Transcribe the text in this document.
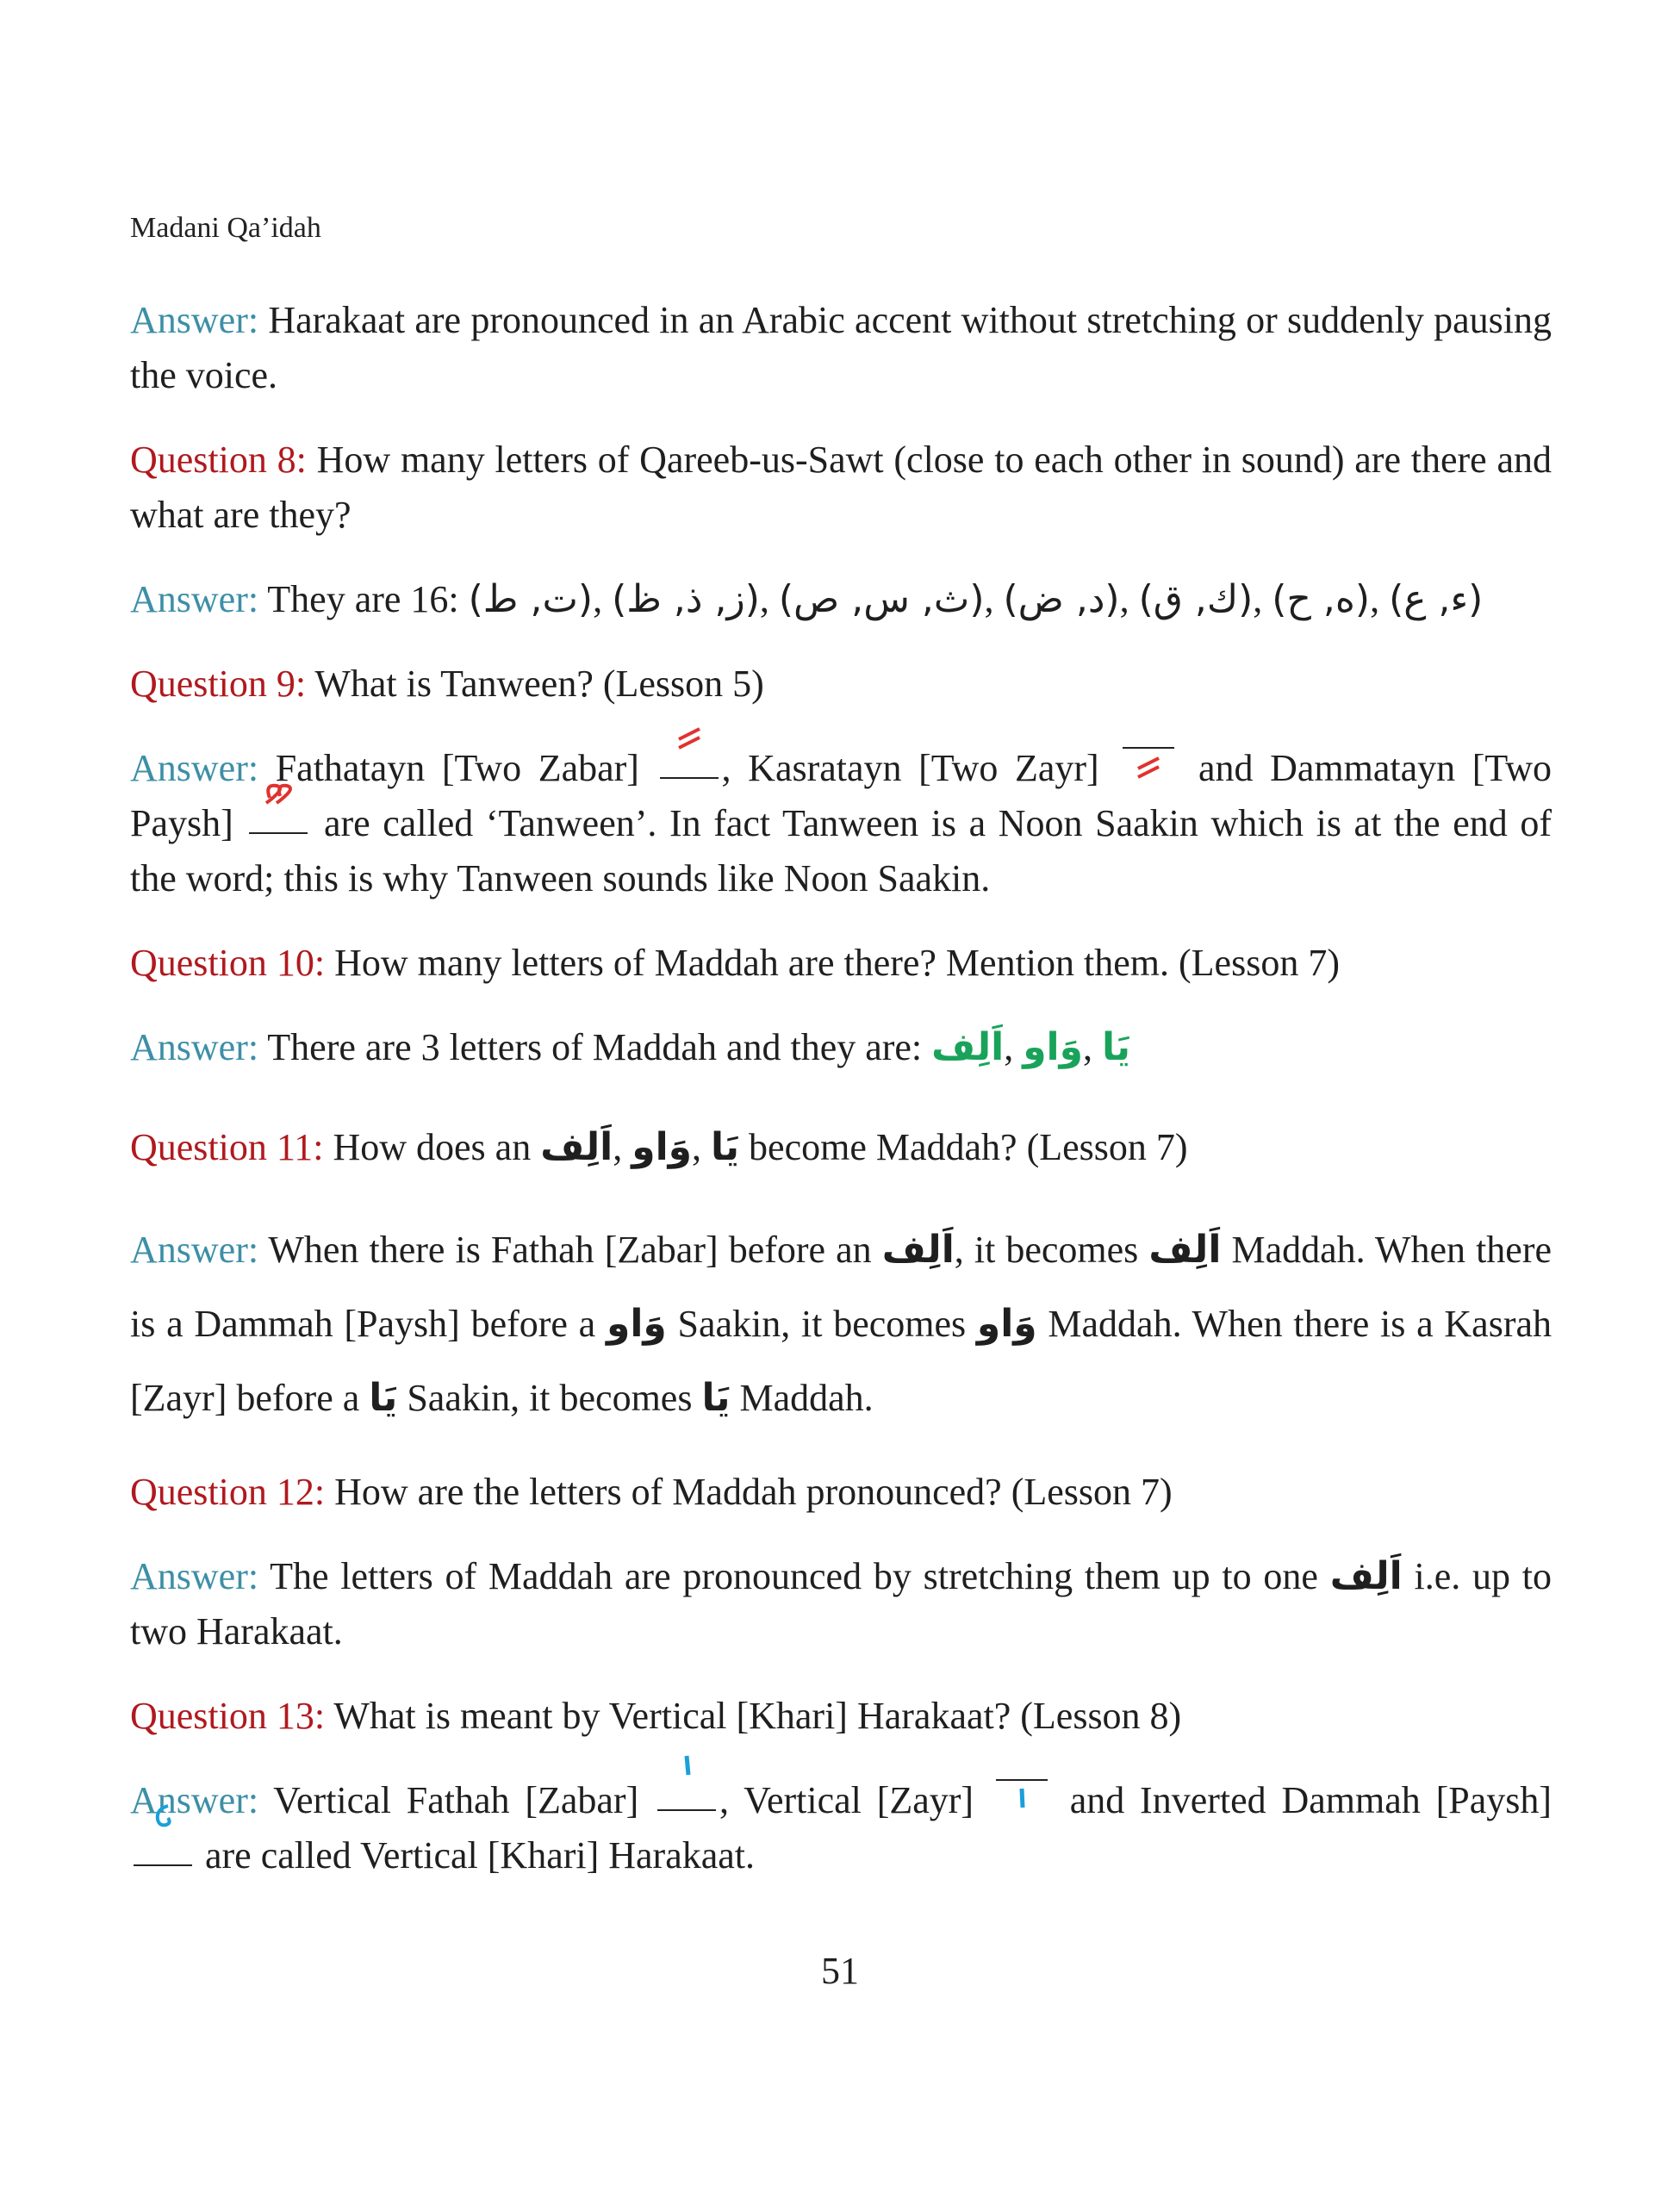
Madani Qa’idah

Answer: Harakaat are pronounced in an Arabic accent without stretching or suddenly pausing the voice.

Question 8: How many letters of Qareeb-us-Sawt (close to each other in sound) are there and what are they?

Answer: They are 16: (ت, ط), (ز, ذ, ظ), (ث, س, ص), (د, ض), (ك, ق), (ه, ح), (ء, ع)

Question 9: What is Tanween? (Lesson 5)

Answer: Fathatayn [Two Zabar]
, Kasratayn [Two Zayr]
and Dammatayn [Two Paysh]
are called ‘Tanween’. In fact Tanween is a Noon Saakin which is at the end of the word; this is why Tanween sounds like Noon Saakin.

Question 10: How many letters of Maddah are there? Mention them. (Lesson 7)

Answer: There are 3 letters of Maddah and they are: اَلِف, وَاو, يَا

Question 11: How does an اَلِف, وَاو, يَا become Maddah? (Lesson 7)

Answer: When there is Fathah [Zabar] before an اَلِف, it becomes اَلِف Maddah. When there is a Dammah [Paysh] before a وَاو Saakin, it becomes وَاو Maddah. When there is a Kasrah [Zayr] before a يَا Saakin, it becomes يَا Maddah.

Question 12: How are the letters of Maddah pronounced? (Lesson 7)

Answer: The letters of Maddah are pronounced by stretching them up to one اَلِف i.e. up to two Harakaat.

Question 13: What is meant by Vertical [Khari] Harakaat? (Lesson 8)

Answer: Vertical Fathah [Zabar]
, Vertical [Zayr]
and Inverted Dammah [Paysh]
are called Vertical [Khari] Harakaat.

51
